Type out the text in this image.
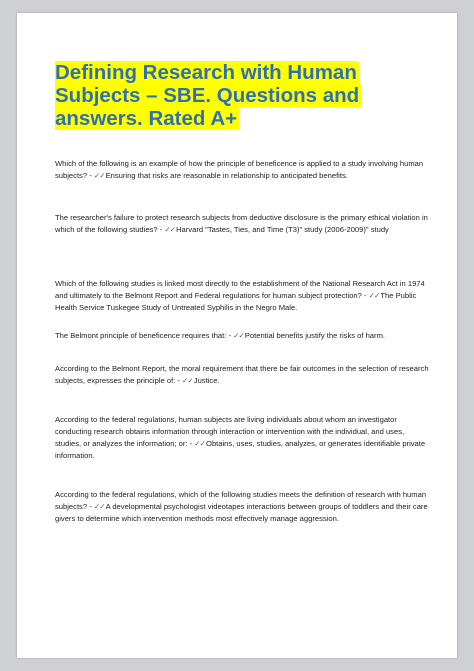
Defining Research with Human Subjects – SBE. Questions and answers. Rated A+

Which of the following is an example of how the principle of beneficence is applied to a study involving human subjects? - ✓✓Ensuring that risks are reasonable in relationship to anticipated benefits.

The researcher's failure to protect research subjects from deductive disclosure is the primary ethical violation in which of the following studies? - ✓✓Harvard "Tastes, Ties, and Time (T3)" study (2006-2009)" study

Which of the following studies is linked most directly to the establishment of the National Research Act in 1974 and ultimately to the Belmont Report and Federal regulations for human subject protection? - ✓✓The Public Health Service Tuskegee Study of Untreated Syphilis in the Negro Male.

The Belmont principle of beneficence requires that: - ✓✓Potential benefits justify the risks of harm.

According to the Belmont Report, the moral requirement that there be fair outcomes in the selection of research subjects, expresses the principle of: - ✓✓Justice.

According to the federal regulations, human subjects are living individuals about whom an investigator conducting research obtains information through interaction or intervention with the individual, and uses, studies, or analyzes the information; or: - ✓✓Obtains, uses, studies, analyzes, or generates identifiable private information.

According to the federal regulations, which of the following studies meets the definition of research with human subjects? - ✓✓A developmental psychologist videotapes interactions between groups of toddlers and their care givers to determine which intervention methods most effectively manage aggression.
